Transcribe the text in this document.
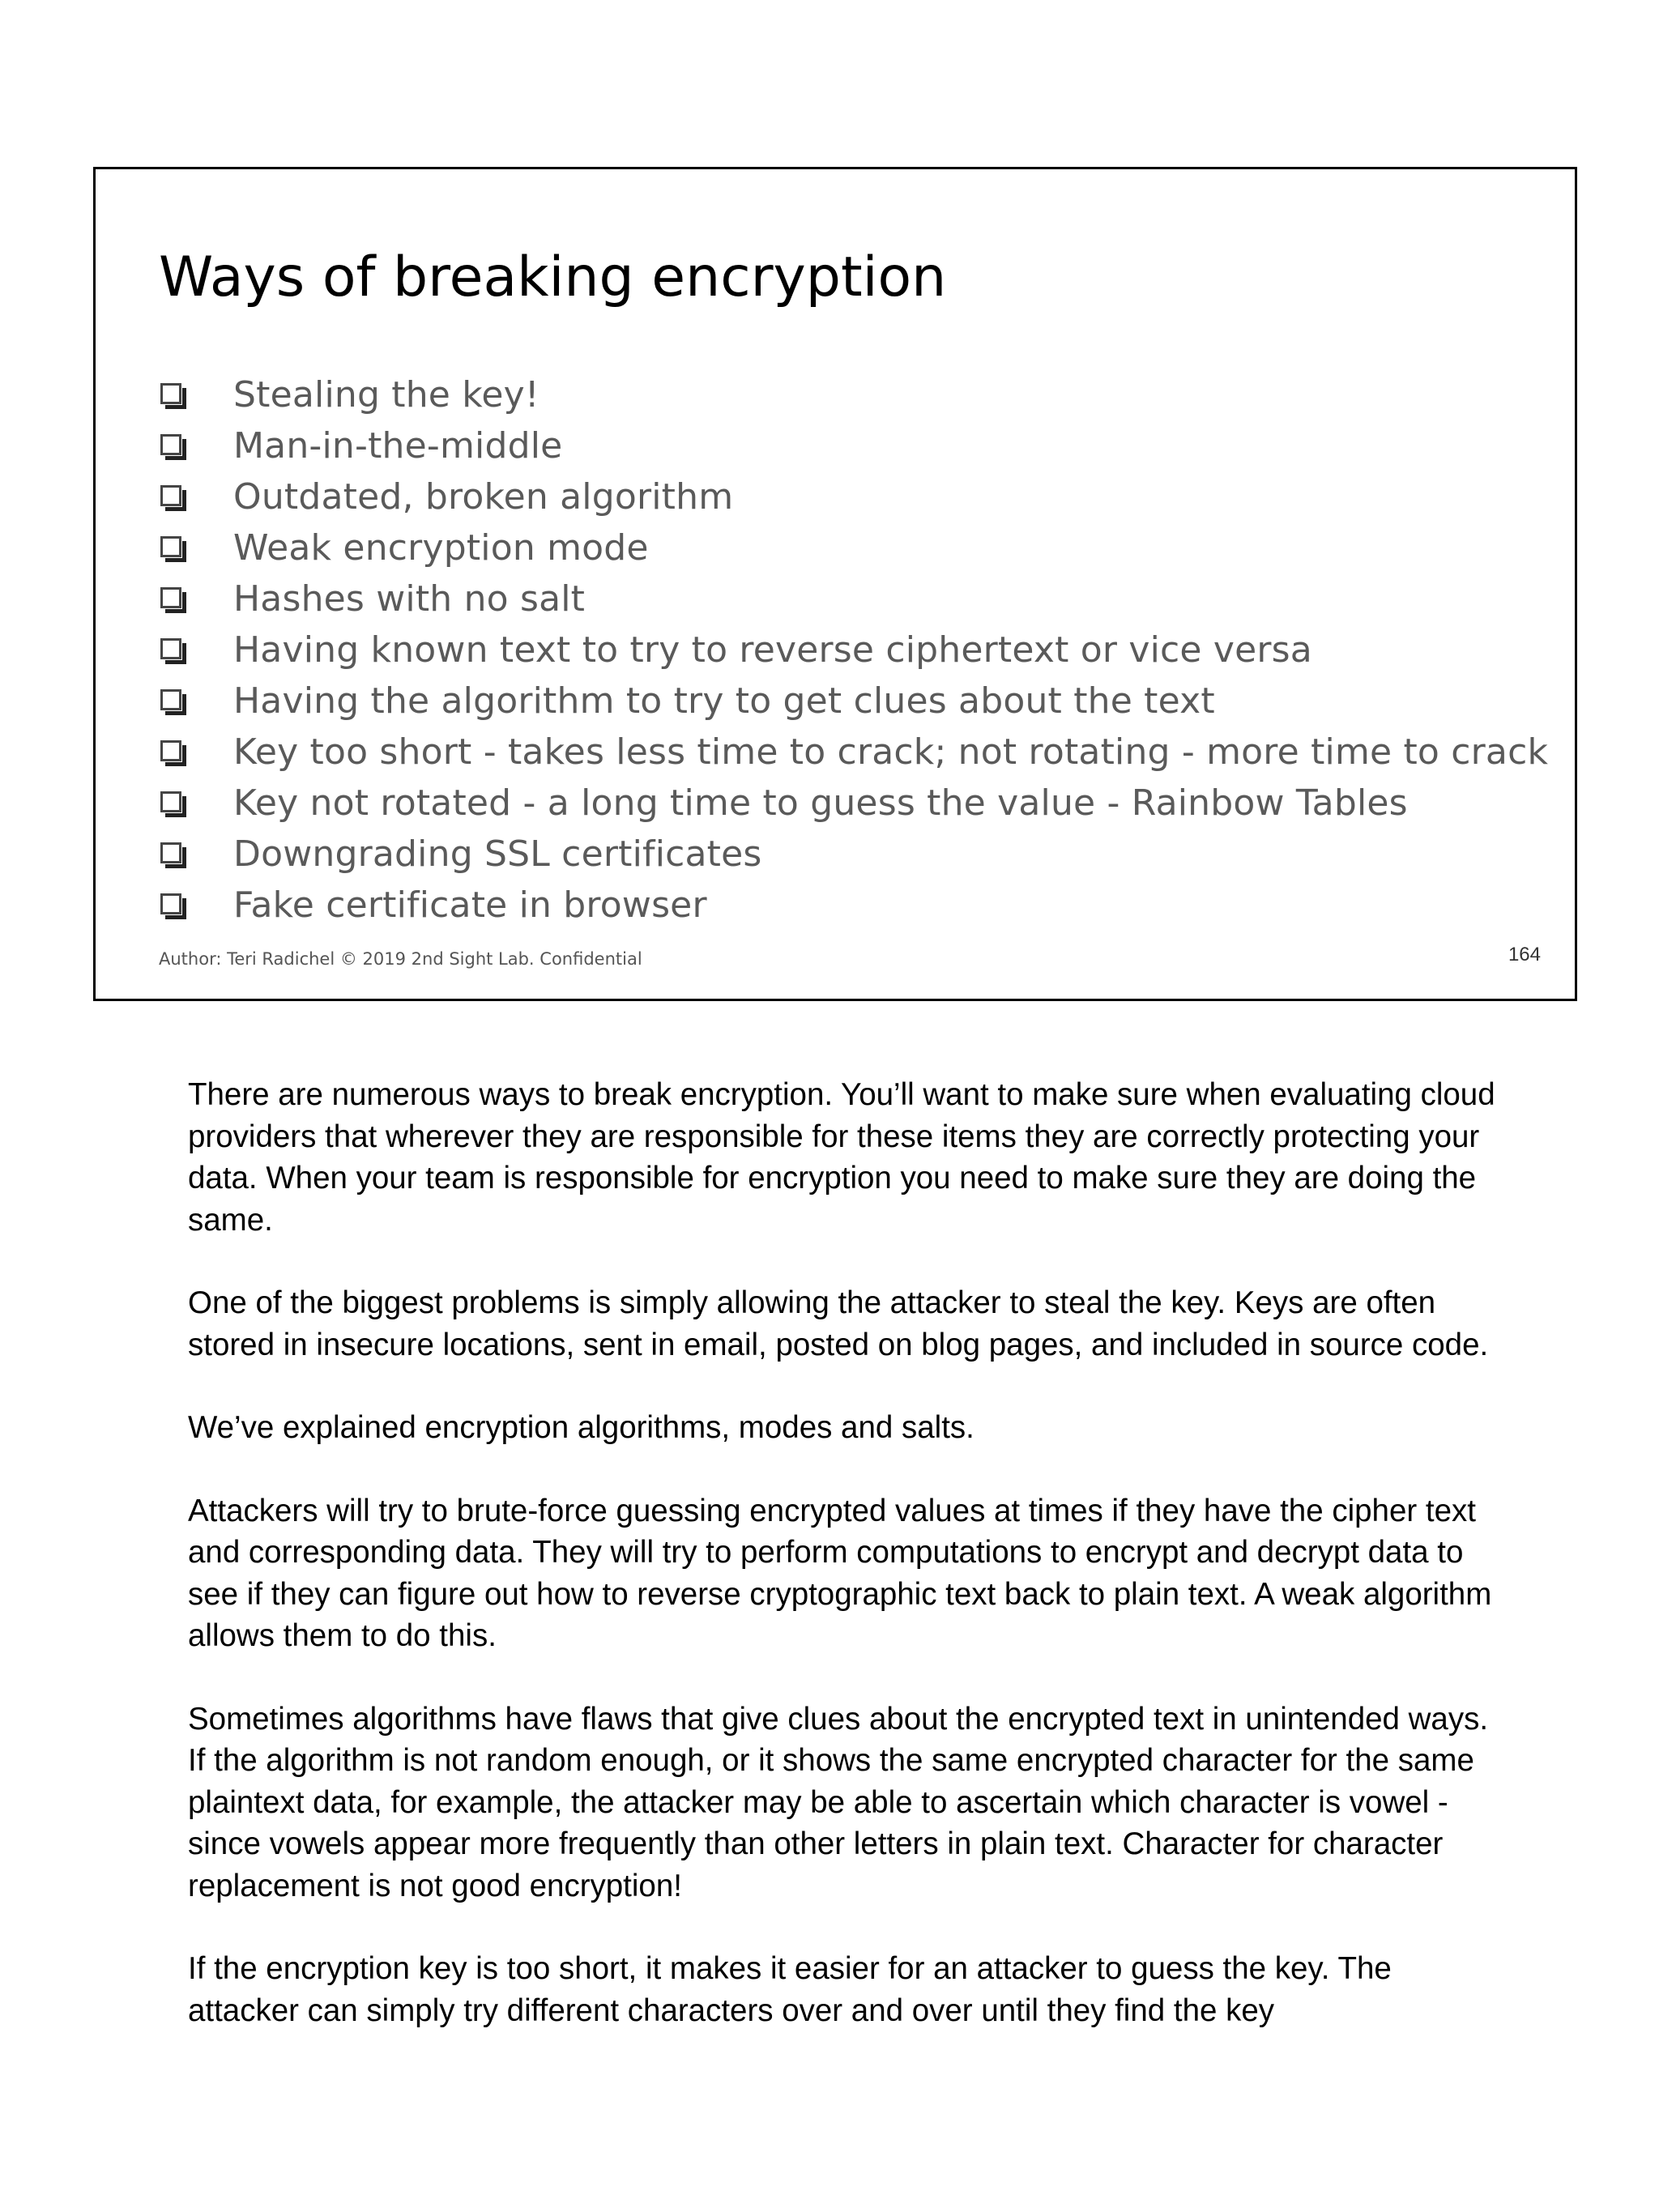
Ways of breaking encryption
Stealing the key!
Man-in-the-middle
Outdated, broken algorithm
Weak encryption mode
Hashes with no salt
Having known text to try to reverse ciphertext or vice versa
Having the algorithm to try to get clues about the text
Key too short - takes less time to crack; not rotating - more time to crack
Key not rotated - a long time to guess the value - Rainbow Tables
Downgrading SSL certificates
Fake certificate in browser
Author: Teri Radichel © 2019 2nd Sight Lab. Confidential	164

There are numerous ways to break encryption. You’ll want to make sure when evaluating cloud providers that wherever they are responsible for these items they are correctly protecting your data. When your team is responsible for encryption you need to make sure they are doing the same.

One of the biggest problems is simply allowing the attacker to steal the key. Keys are often stored in insecure locations, sent in email, posted on blog pages, and included in source code.

We’ve explained encryption algorithms, modes and salts.

Attackers will try to brute-force guessing encrypted values at times if they have the cipher text and corresponding data. They will try to perform computations to encrypt and decrypt data to see if they can figure out how to reverse cryptographic text back to plain text. A weak algorithm allows them to do this.

Sometimes algorithms have flaws that give clues about the encrypted text in unintended ways. If the algorithm is not random enough, or it shows the same encrypted character for the same plaintext data, for example, the attacker may be able to ascertain which character is vowel - since vowels appear more frequently than other letters in plain text. Character for character replacement is not good encryption!

If the encryption key is too short, it makes it easier for an attacker to guess the key. The attacker can simply try different characters over and over until they find the key
